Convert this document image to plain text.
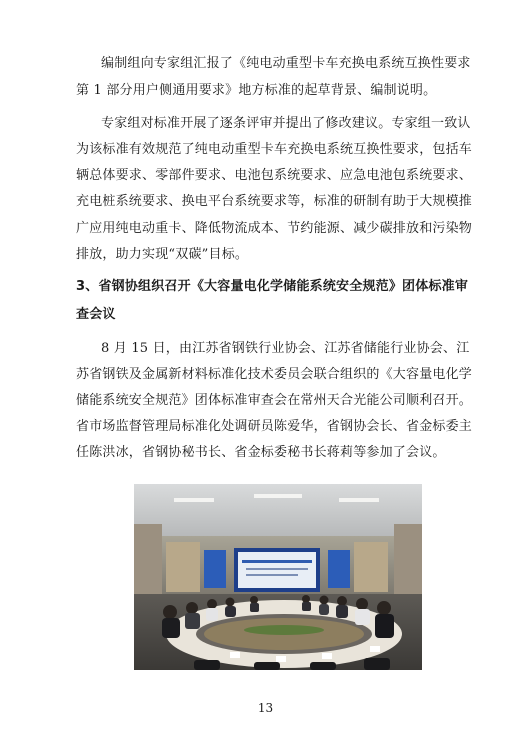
编制组向专家组汇报了《纯电动重型卡车充换电系统互换性要求
第 1 部分用户侧通用要求》地方标准的起草背景、编制说明。
专家组对标准开展了逐条评审并提出了修改建议。专家组一致认
为该标准有效规范了纯电动重型卡车充换电系统互换性要求，包括车
辆总体要求、零部件要求、电池包系统要求、应急电池包系统要求、
充电桩系统要求、换电平台系统要求等，标准的研制有助于大规模推
广应用纯电动重卡、降低物流成本、节约能源、减少碳排放和污染物
排放，助力实现“双碳”目标。
3、省钢协组织召开《大容量电化学储能系统安全规范》团体标准审
查会议
8 月 15 日，由江苏省钢铁行业协会、江苏省储能行业协会、江
苏省钢铁及金属新材料标准化技术委员会联合组织的《大容量电化学
储能系统安全规范》团体标准审查会在常州天合光能公司顺利召开。
省市场监督管理局标准化处调研员陈爱华，省钢协会长、省金标委主
任陈洪冰，省钢协秘书长、省金标委秘书长蒋莉等参加了会议。
13
